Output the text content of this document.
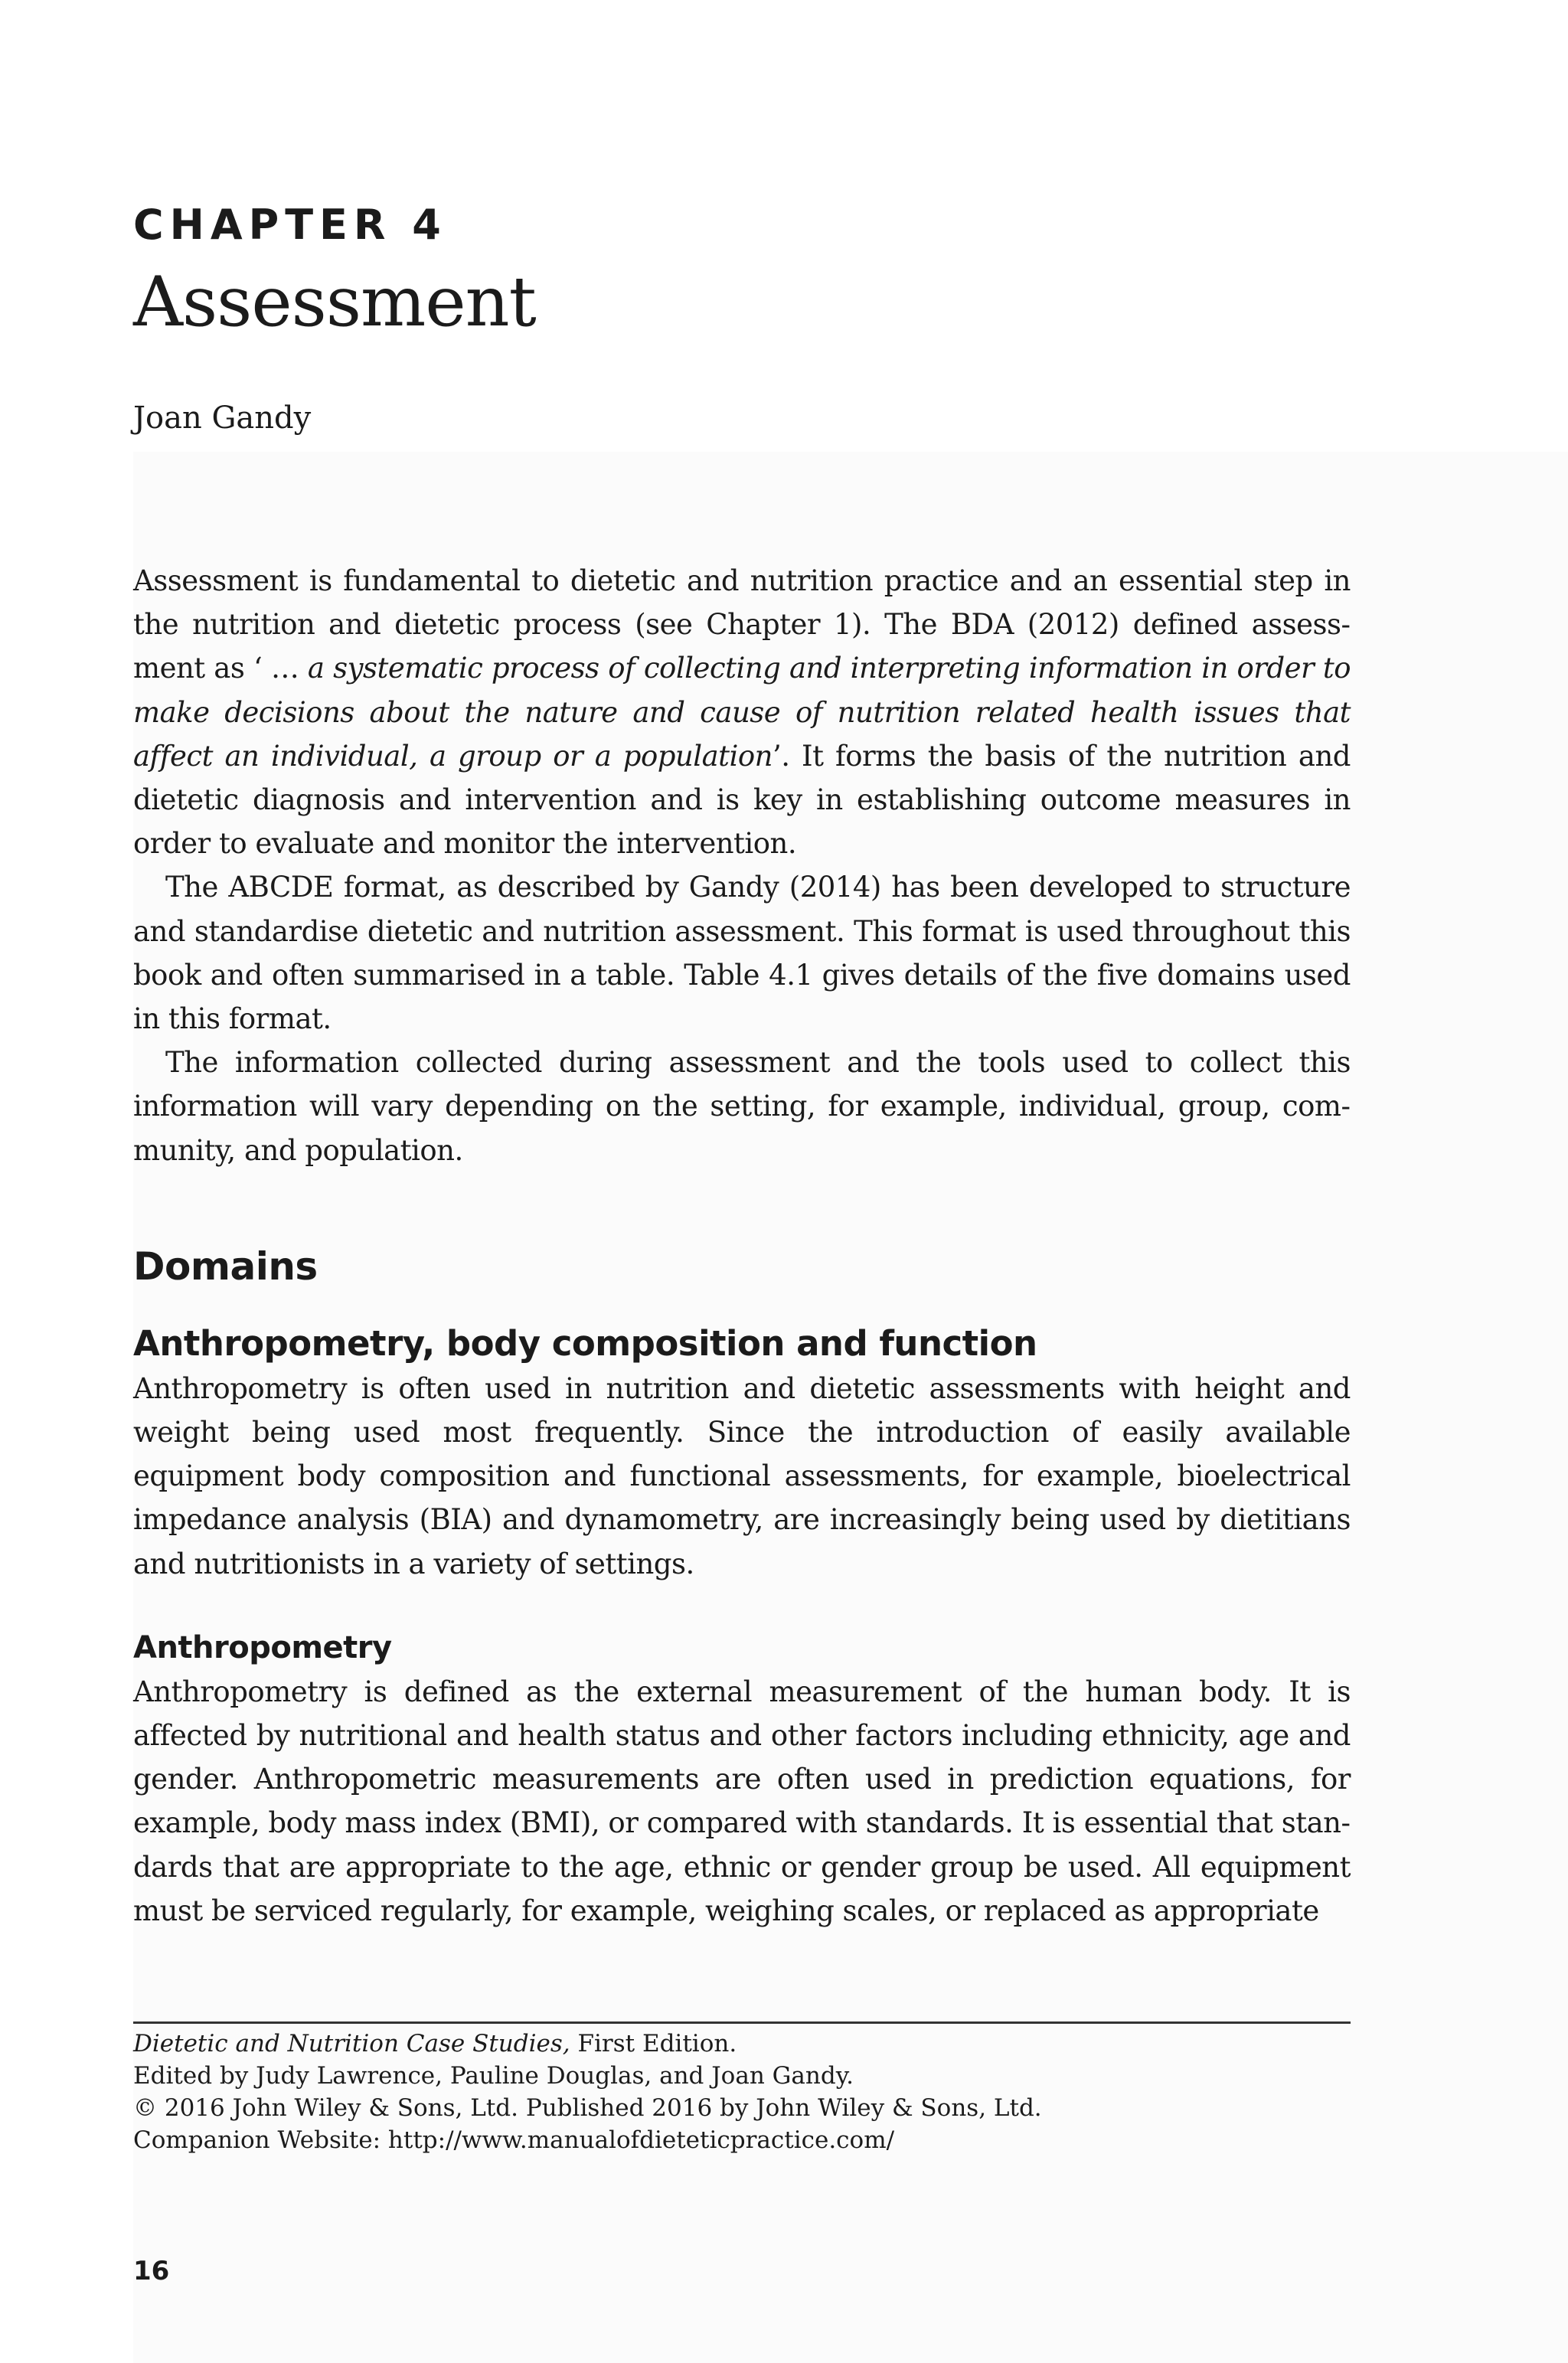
CHAPTER 4
Assessment

Joan Gandy

Assessment is fundamental to dietetic and nutrition practice and an essential step in the nutrition and dietetic process (see Chapter 1). The BDA (2012) defined assessment as ‘ … a systematic process of collecting and interpreting information in order to make decisions about the nature and cause of nutrition related health issues that affect an individual, a group or a population’. It forms the basis of the nutrition and dietetic diagnosis and intervention and is key in establishing outcome measures in order to evaluate and monitor the intervention.

The ABCDE format, as described by Gandy (2014) has been developed to structure and standardise dietetic and nutrition assessment. This format is used throughout this book and often summarised in a table. Table 4.1 gives details of the five domains used in this format.

The information collected during assessment and the tools used to collect this information will vary depending on the setting, for example, individual, group, community, and population.

Domains
Anthropometry, body composition and function

Anthropometry is often used in nutrition and dietetic assessments with height and weight being used most frequently. Since the introduction of easily available equipment body composition and functional assessments, for example, bioelectrical impedance analysis (BIA) and dynamometry, are increasingly being used by dietitians and nutritionists in a variety of settings.

Anthropometry

Anthropometry is defined as the external measurement of the human body. It is affected by nutritional and health status and other factors including ethnicity, age and gender. Anthropometric measurements are often used in prediction equations, for example, body mass index (BMI), or compared with standards. It is essential that standards that are appropriate to the age, ethnic or gender group be used. All equipment must be serviced regularly, for example, weighing scales, or replaced as appropriate

Dietetic and Nutrition Case Studies, First Edition.
Edited by Judy Lawrence, Pauline Douglas, and Joan Gandy.
© 2016 John Wiley & Sons, Ltd. Published 2016 by John Wiley & Sons, Ltd.
Companion Website: http://www.manualofdieteticpractice.com/
16
